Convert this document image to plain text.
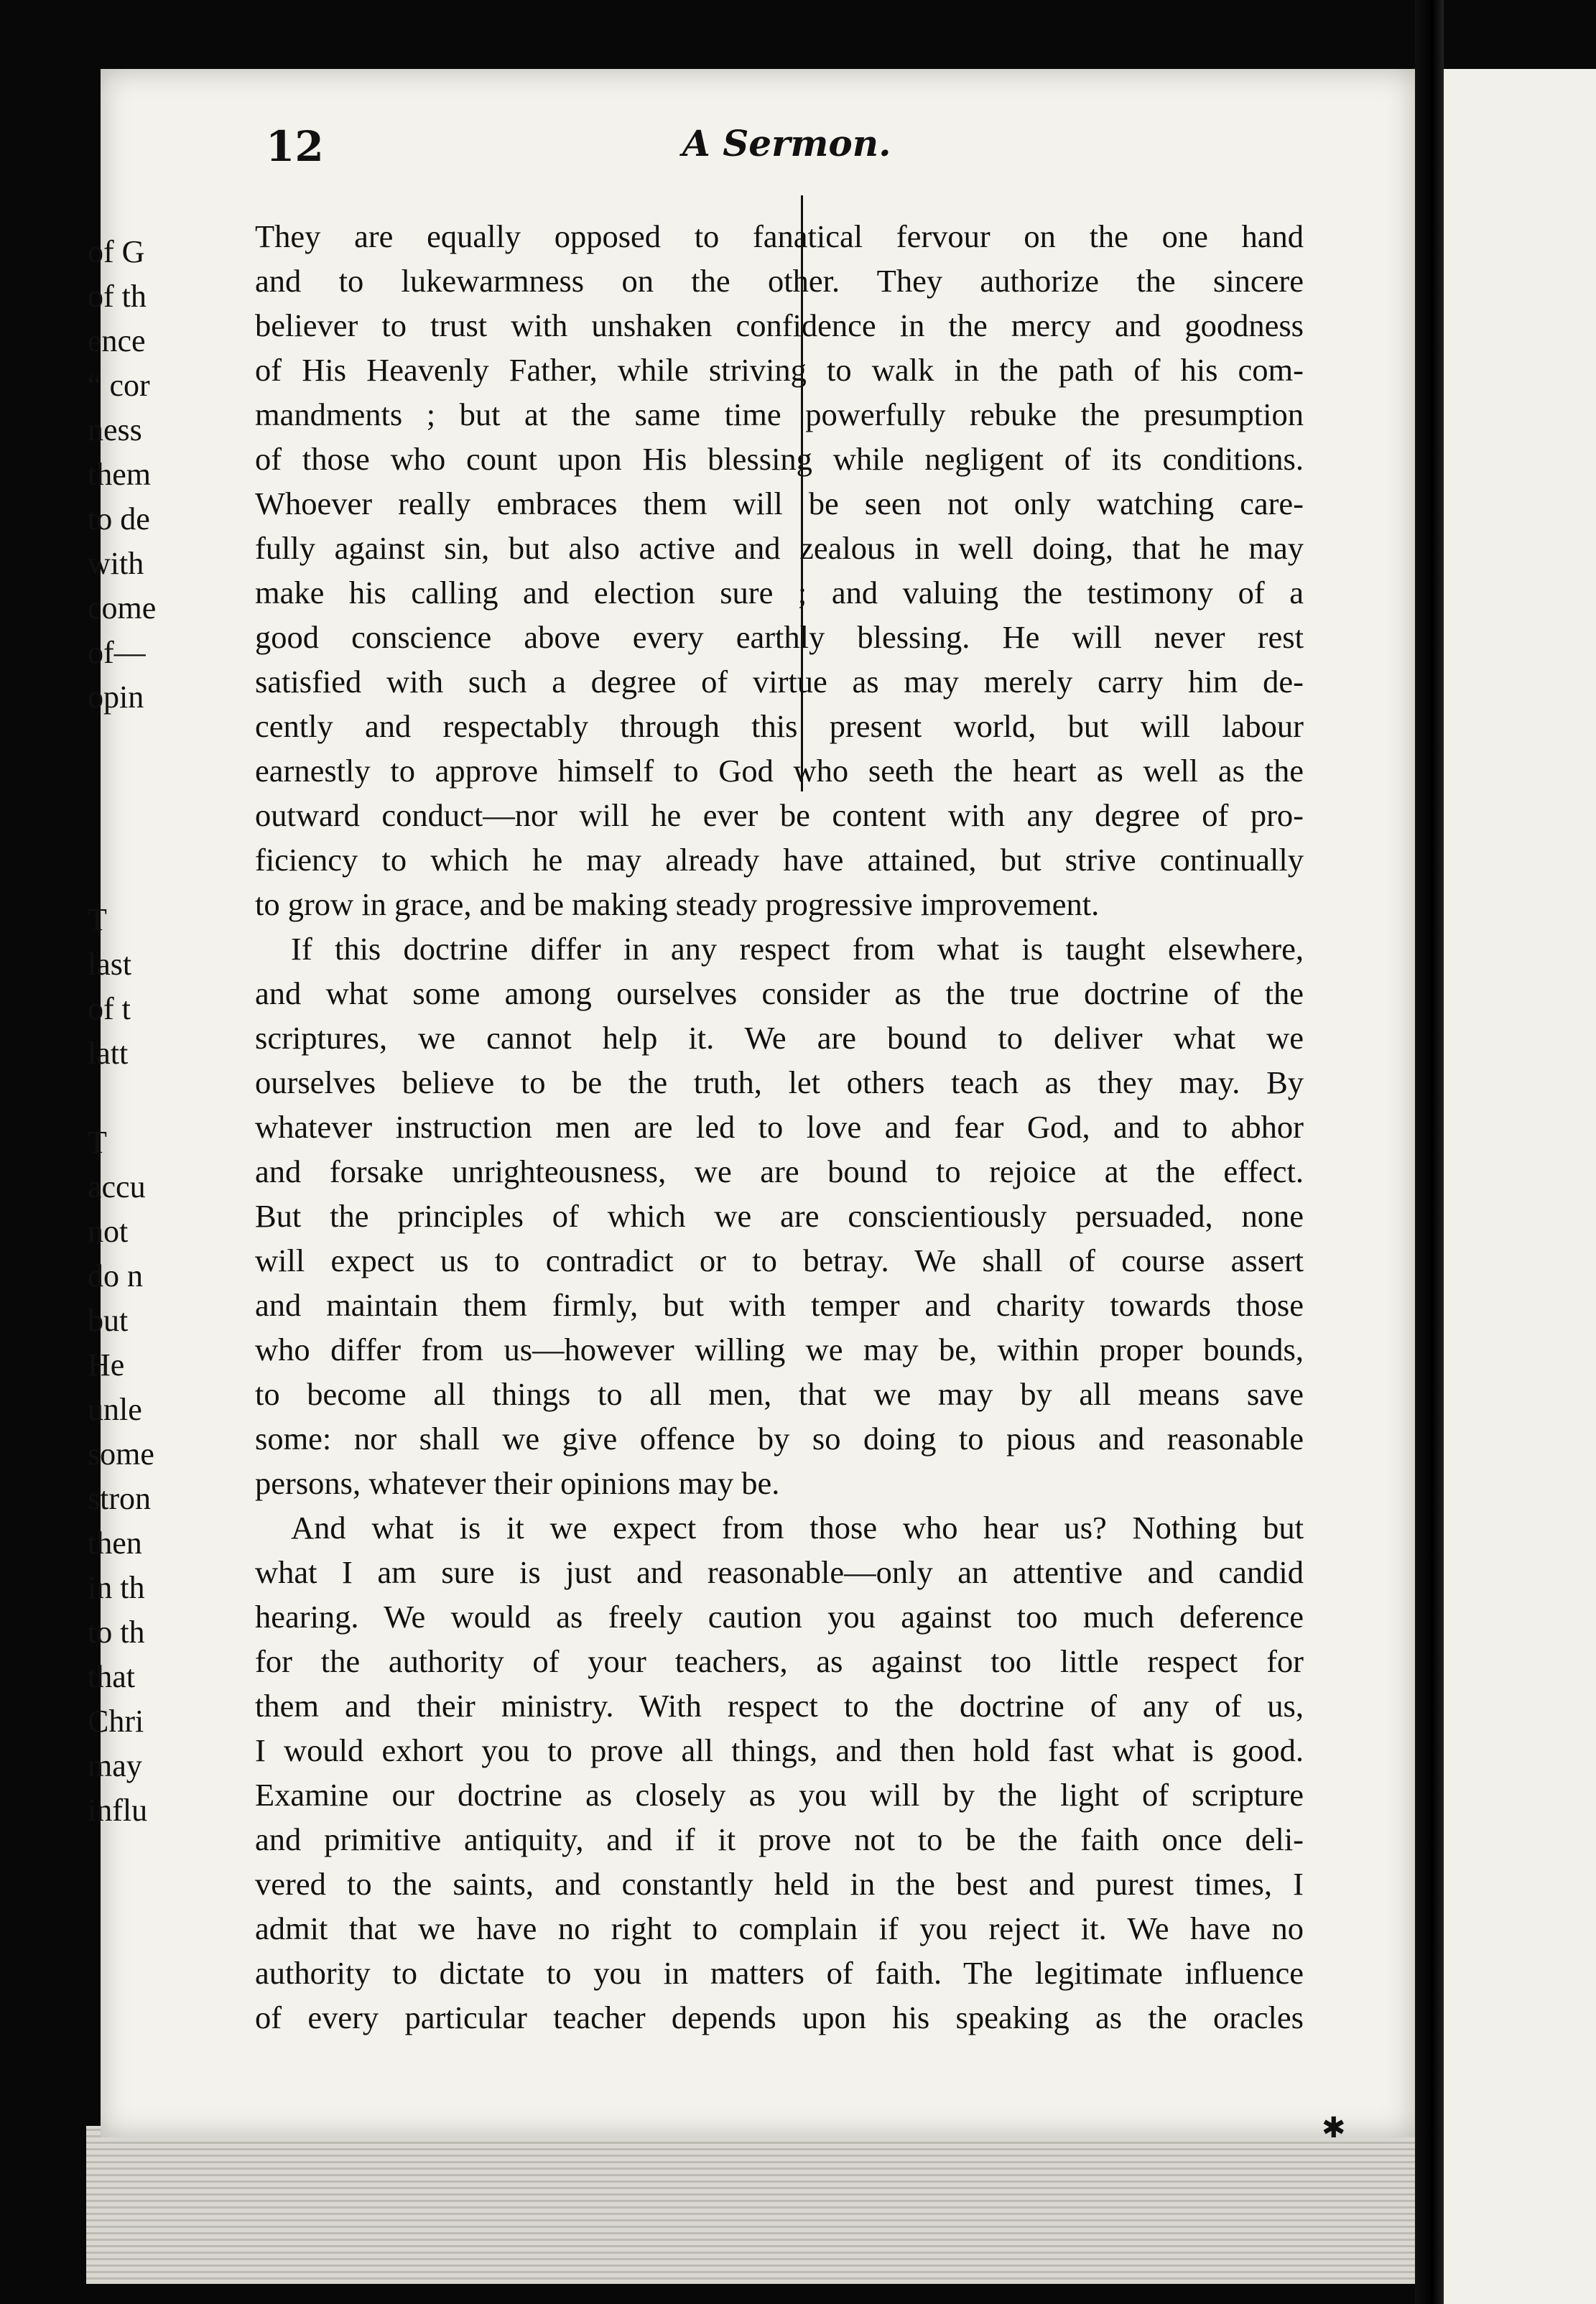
of G
of th
ence
“ cor
ness
them
to de
with
come
of—
opin
T
last
of t
latt
T
accu
not
do n
but
He
unle
some
stron
then
in th
to th
that
Chri
may
influ
12	A Sermon.
They are equally opposed to fanatical fervour on the one hand
and to lukewarmness on the other. They authorize the sincere
believer to trust with unshaken confidence in the mercy and goodness
of His Heavenly Father, while striving to walk in the path of his com-
mandments ; but at the same time powerfully rebuke the presumption
of those who count upon His blessing while negligent of its conditions.
Whoever really embraces them will be seen not only watching care-
fully against sin, but also active and zealous in well doing, that he may
make his calling and election sure ; and valuing the testimony of a
good conscience above every earthly blessing. He will never rest
satisfied with such a degree of virtue as may merely carry him de-
cently and respectably through this present world, but will labour
earnestly to approve himself to God who seeth the heart as well as the
outward conduct—nor will he ever be content with any degree of pro-
ficiency to which he may already have attained, but strive continually
to grow in grace, and be making steady progressive improvement.
If this doctrine differ in any respect from what is taught elsewhere,
and what some among ourselves consider as the true doctrine of the
scriptures, we cannot help it. We are bound to deliver what we
ourselves believe to be the truth, let others teach as they may. By
whatever instruction men are led to love and fear God, and to abhor
and forsake unrighteousness, we are bound to rejoice at the effect.
But the principles of which we are conscientiously persuaded, none
will expect us to contradict or to betray. We shall of course assert
and maintain them firmly, but with temper and charity towards those
who differ from us—however willing we may be, within proper bounds,
to become all things to all men, that we may by all means save
some: nor shall we give offence by so doing to pious and reasonable
persons, whatever their opinions may be.
And what is it we expect from those who hear us? Nothing but
what I am sure is just and reasonable—only an attentive and candid
hearing. We would as freely caution you against too much deference
for the authority of your teachers, as against too little respect for
them and their ministry. With respect to the doctrine of any of us,
I would exhort you to prove all things, and then hold fast what is good.
Examine our doctrine as closely as you will by the light of scripture
and primitive antiquity, and if it prove not to be the faith once deli-
vered to the saints, and constantly held in the best and purest times, I
admit that we have no right to complain if you reject it. We have no
authority to dictate to you in matters of faith. The legitimate influence
of every particular teacher depends upon his speaking as the oracles
✱
